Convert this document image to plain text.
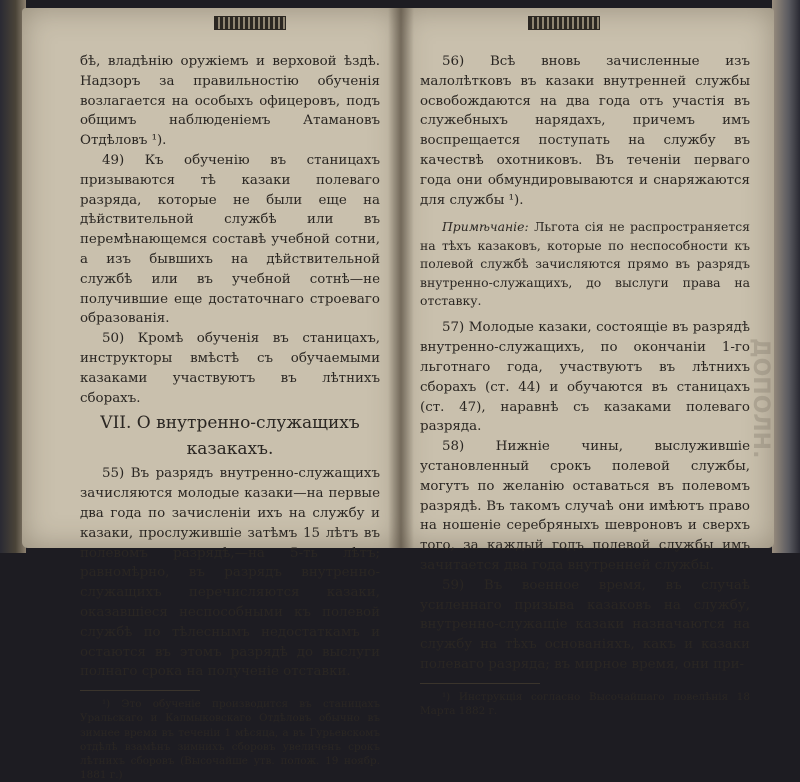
бѣ, владѣнію оружіемъ и верховой ѣздѣ. Надзоръ за правильностію обученія возлагается на особыхъ офицеровъ, подъ общимъ наблюденіемъ Атамановъ Отдѣловъ ¹).

49) Къ обученію въ станицахъ призываются тѣ казаки полеваго разряда, которые не были еще на дѣйствительной службѣ или въ перемѣнающемся составѣ учебной сотни, а изъ бывшихъ на дѣйствительной службѣ или въ учебной сотнѣ—не получившие еще достаточнаго строеваго образованія.

50) Кромѣ обученія въ станицахъ, инструкторы вмѣстѣ съ обучаемыми казаками участвуютъ въ лѣтнихъ сборахъ.

VII. О внутренно-служащихъ казакахъ.

55) Въ разрядъ внутренно-служащихъ зачисляются молодые казаки—на первые два года по зачисленіи ихъ на службу и казаки, прослужившіе затѣмъ 15 лѣтъ въ полевомъ разрядѣ,—на 5-ть лѣтъ; равномѣрно, въ разрядъ внутренно-служащихъ перечисляются казаки, оказавшіеся неспособными къ полевой службѣ по тѣлеснымъ недостаткамъ и остаются въ этомъ разрядѣ до выслуги полнаго срока на полученіе отставки.

¹) Это обученіе производится въ станицахъ Уральскаго и Калмыковскаго Отдѣловъ обычно въ зимнее время въ теченіи 1 мѣсяца, а въ Гурьевскомъ отдѣлѣ взамѣнъ зимнихъ сборовъ увеличенъ срокъ лѣтнихъ сборовъ (Высочайше утв. полож. 19 ноябр. 1881 г.)

ДОПОЛН.

56) Всѣ вновь зачисленные изъ малолѣтковъ въ казаки внутренней службы освобождаются на два года отъ участія въ служебныхъ нарядахъ, причемъ имъ воспрещается поступать на службу въ качествѣ охотниковъ. Въ теченіи перваго года они обмундировываются и снаряжаются для службы ¹).

Примѣчаніе: Льгота сія не распространяется на тѣхъ казаковъ, которые по неспособности къ полевой службѣ зачисляются прямо въ разрядъ внутренно-служащихъ, до выслуги права на отставку.

57) Молодые казаки, состоящіе въ разрядѣ внутренно-служащихъ, по окончаніи 1-го льготнаго года, участвуютъ въ лѣтнихъ сборахъ (ст. 44) и обучаются въ станицахъ (ст. 47), наравнѣ съ казаками полеваго разряда.

58) Нижніе чины, выслужившіе установленный срокъ полевой службы, могутъ по желанію оставаться въ полевомъ разрядѣ. Въ такомъ случаѣ они имѣютъ право на ношеніе серебряныхъ шевроновъ и сверхъ того, за каждый годъ полевой службы имъ зачитается два года внутренней службы.

59) Въ военное время, въ случаѣ усиленнаго призыва казаковъ на службу, внутренно-служащіе казаки назначаются на службу на тѣхъ основаніяхъ, какъ и казаки полеваго разряда; въ мирное время, они при-

¹) Инструкція согласно Высочайшаго повелѣнія 18 Марта 1882 г.
